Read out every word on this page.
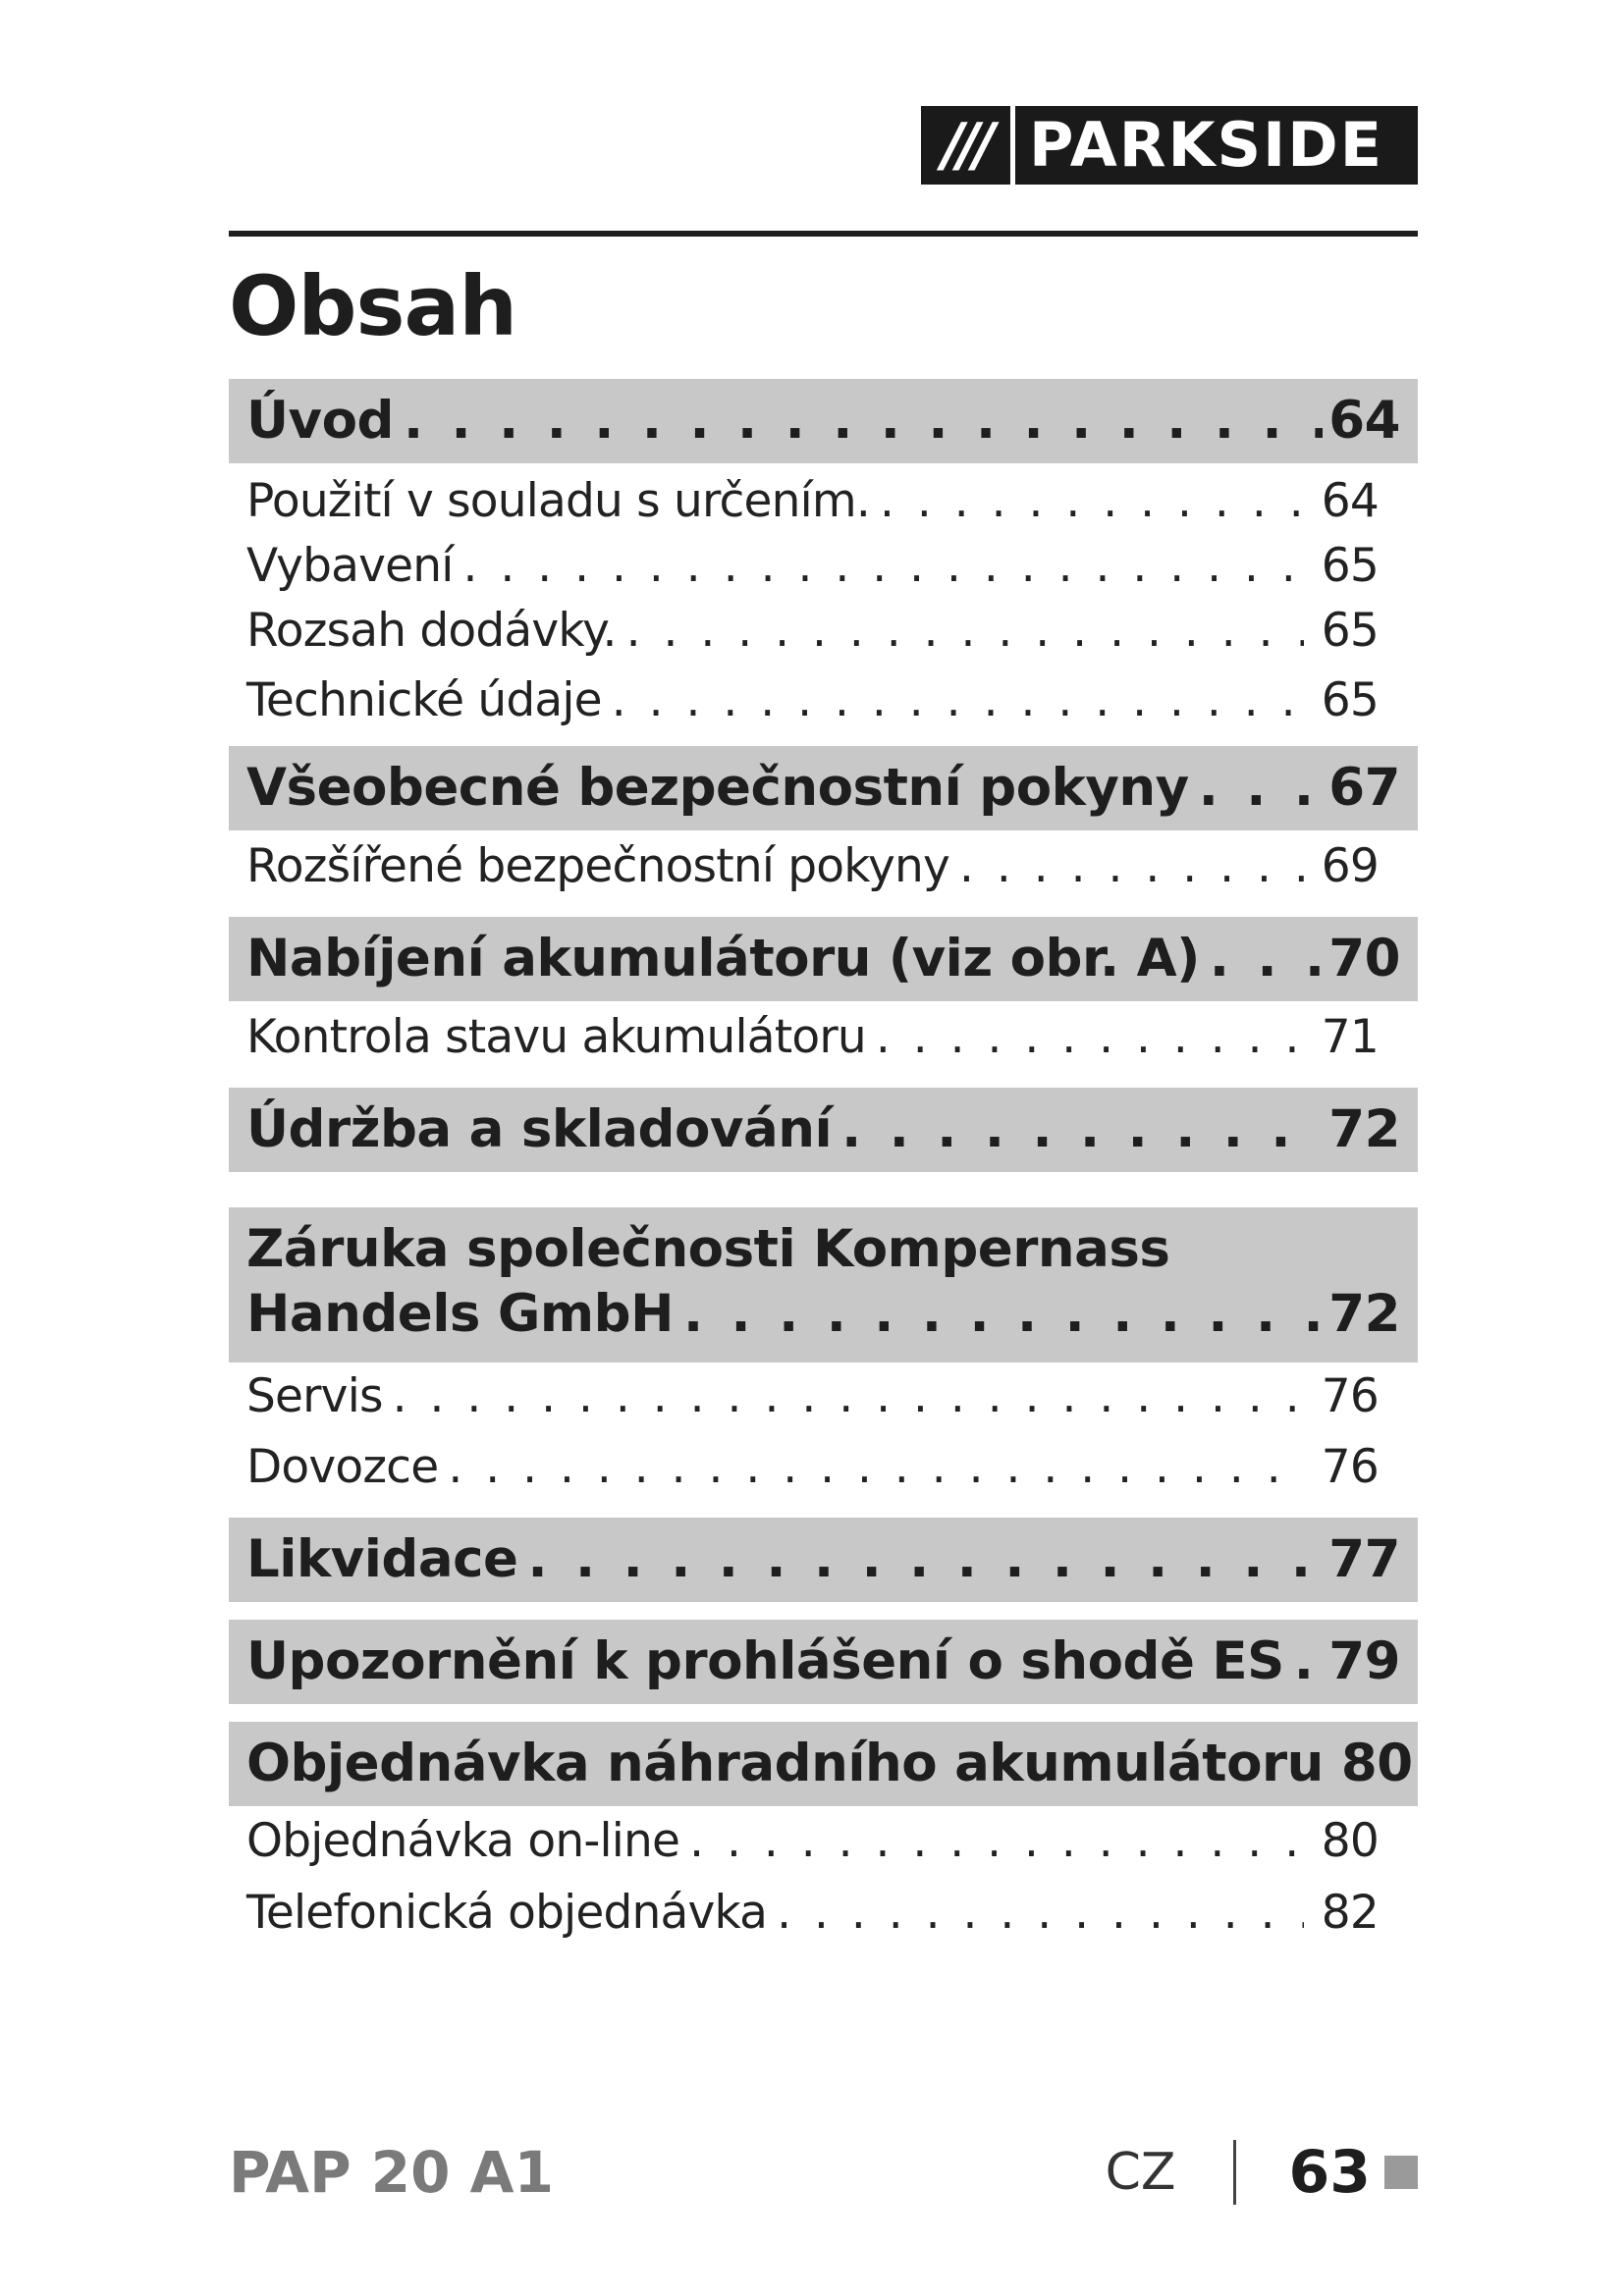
/// PARKSIDE
Obsah
Úvod . . .	64
Použití v souladu s určením. . . .	64
Vybavení . . .	65
Rozsah dodávky. . . .	65
Technické údaje . . .	65
Všeobecné bezpečnostní pokyny . . .	67
Rozšířené bezpečnostní pokyny . . .	69
Nabíjení akumulátoru (viz obr. A) . . . 70
Kontrola stavu akumulátoru . . .	71
Údržba a skladování . . .	72
Záruka společnosti Kompernass
Handels GmbH . . .	72
Servis . . .	76
Dovozce . . .	76
Likvidace . . .	77
Upozornění k prohlášení o shodě ES . . . 79
Objednávka náhradního akumulátoru 80
Objednávka on-line . . .	80
Telefonická objednávka . . .	82
PAP 20 A1	CZ 63
